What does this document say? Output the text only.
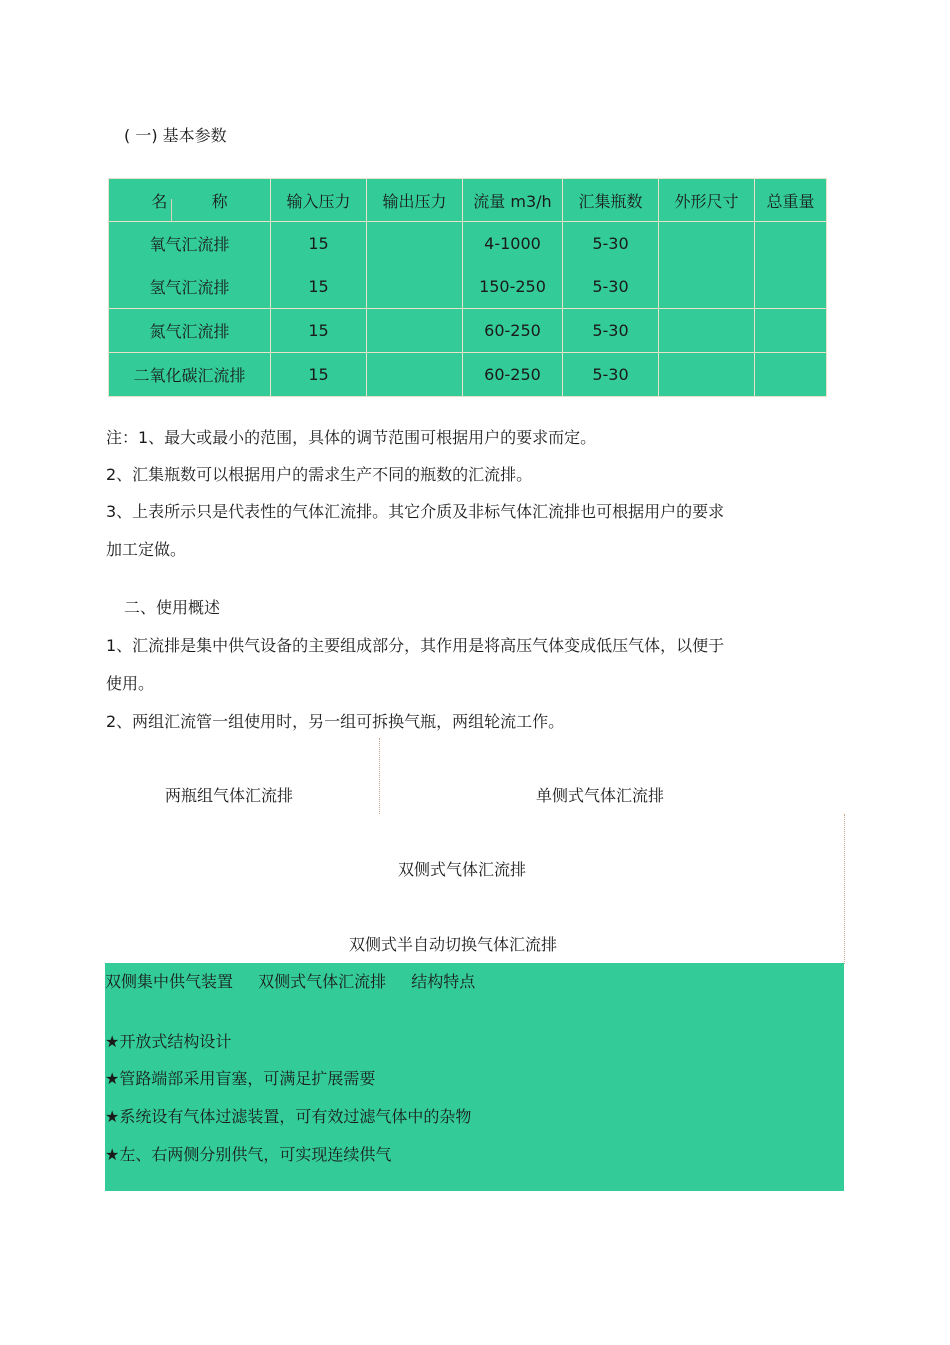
( 一) 基本参数
名 称	输入压力	输出压力	流量 m3/h	汇集瓶数	外形尺寸	总重量
氧气汇流排	15		4-1000	5-30		
氢气汇流排	15		150-250	5-30		
氮气汇流排	15		60-250	5-30		
二氧化碳汇流排	15		60-250	5-30		
注：1、最大或最小的范围，具体的调节范围可根据用户的要求而定。
2、汇集瓶数可以根据用户的需求生产不同的瓶数的汇流排。
3、上表所示只是代表性的气体汇流排。其它介质及非标气体汇流排也可根据用户的要求
加工定做。
二、使用概述
1、汇流排是集中供气设备的主要组成部分，其作用是将高压气体变成低压气体，以便于
使用。
2、两组汇流管一组使用时，另一组可拆换气瓶，两组轮流工作。
两瓶组气体汇流排	单侧式气体汇流排
双侧式气体汇流排
双侧式半自动切换气体汇流排
双侧集中供气装置 双侧式气体汇流排 结构特点
★开放式结构设计
★管路端部采用盲塞，可满足扩展需要
★系统设有气体过滤装置，可有效过滤气体中的杂物
★左、右两侧分别供气，可实现连续供气
